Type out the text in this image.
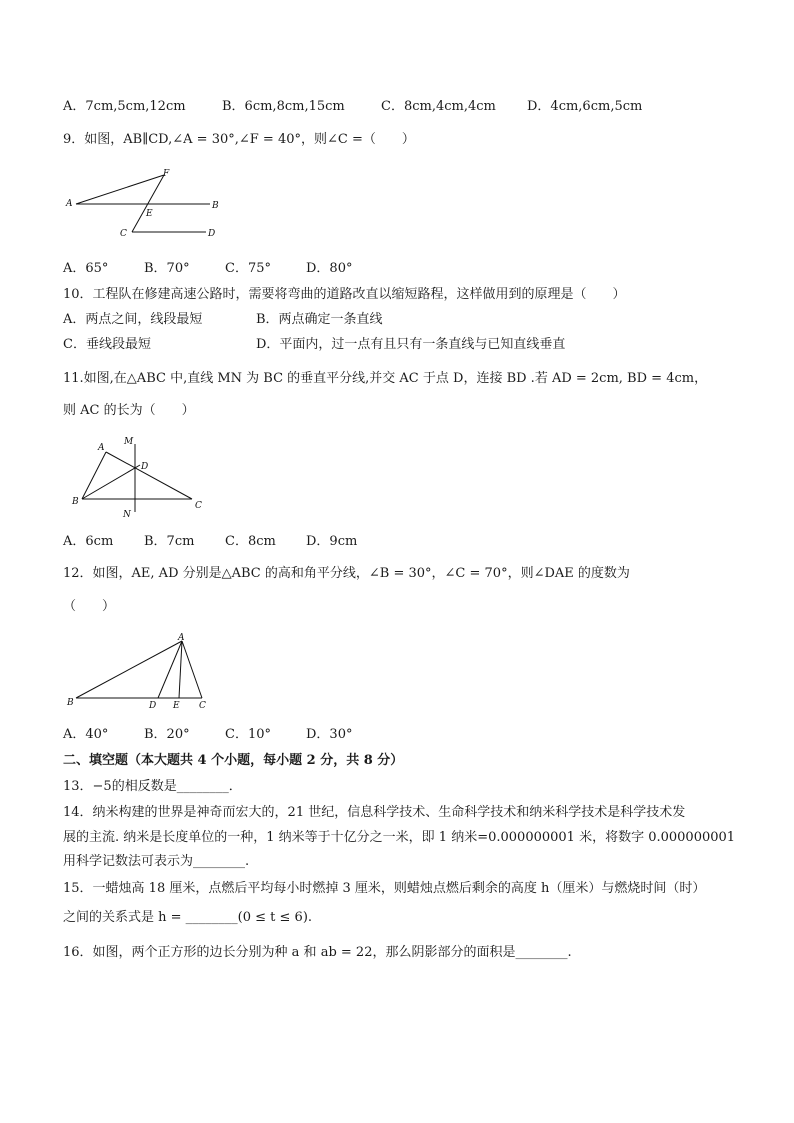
A．7cm,5cm,12cm	B．6cm,8cm,15cm	C．8cm,4cm,4cm D．4cm,6cm,5cm
9．如图，AB∥CD,∠A = 30°,∠F = 40°，则∠C =（　　）
A	B
C	D
E
F
A．65°	B．70°	C．75°	D．80°
10．工程队在修建高速公路时，需要将弯曲的道路改直以缩短路程，这样做用到的原理是（　　）
A．两点之间，线段最短	B．两点确定一条直线
C．垂线段最短	D．平面内，过一点有且只有一条直线与已知直线垂直
11.如图,在△ABC 中,直线 MN 为 BC 的垂直平分线,并交 AC 于点 D，连接 BD .若 AD = 2cm, BD = 4cm，
则 AC 的长为（　　）
A
B	C
D
M
N
A．6cm B．7cm C．8cm D．9cm
12．如图，AE, AD 分别是△ABC 的高和角平分线，∠B = 30°，∠C = 70°，则∠DAE 的度数为
（　　）
A
B	C
D E
A．40°	B．20°	C．10°	D．30°
二、填空题（本大题共 4 个小题，每小题 2 分，共 8 分）
13．−5的相反数是________．
14．纳米构建的世界是神奇而宏大的，21 世纪，信息科学技术、生命科学技术和纳米科学技术是科学技术发
展的主流. 纳米是长度单位的一种，1 纳米等于十亿分之一米，即 1 纳米=0.000000001 米，将数字 0.000000001
用科学记数法可表示为________.
15．一蜡烛高 18 厘米，点燃后平均每小时燃掉 3 厘米，则蜡烛点燃后剩余的高度 h（厘米）与燃烧时间（时）
之间的关系式是 h = ________(0 ≤ t ≤ 6).
16．如图，两个正方形的边长分别为种 a 和 ab = 22，那么阴影部分的面积是________.
